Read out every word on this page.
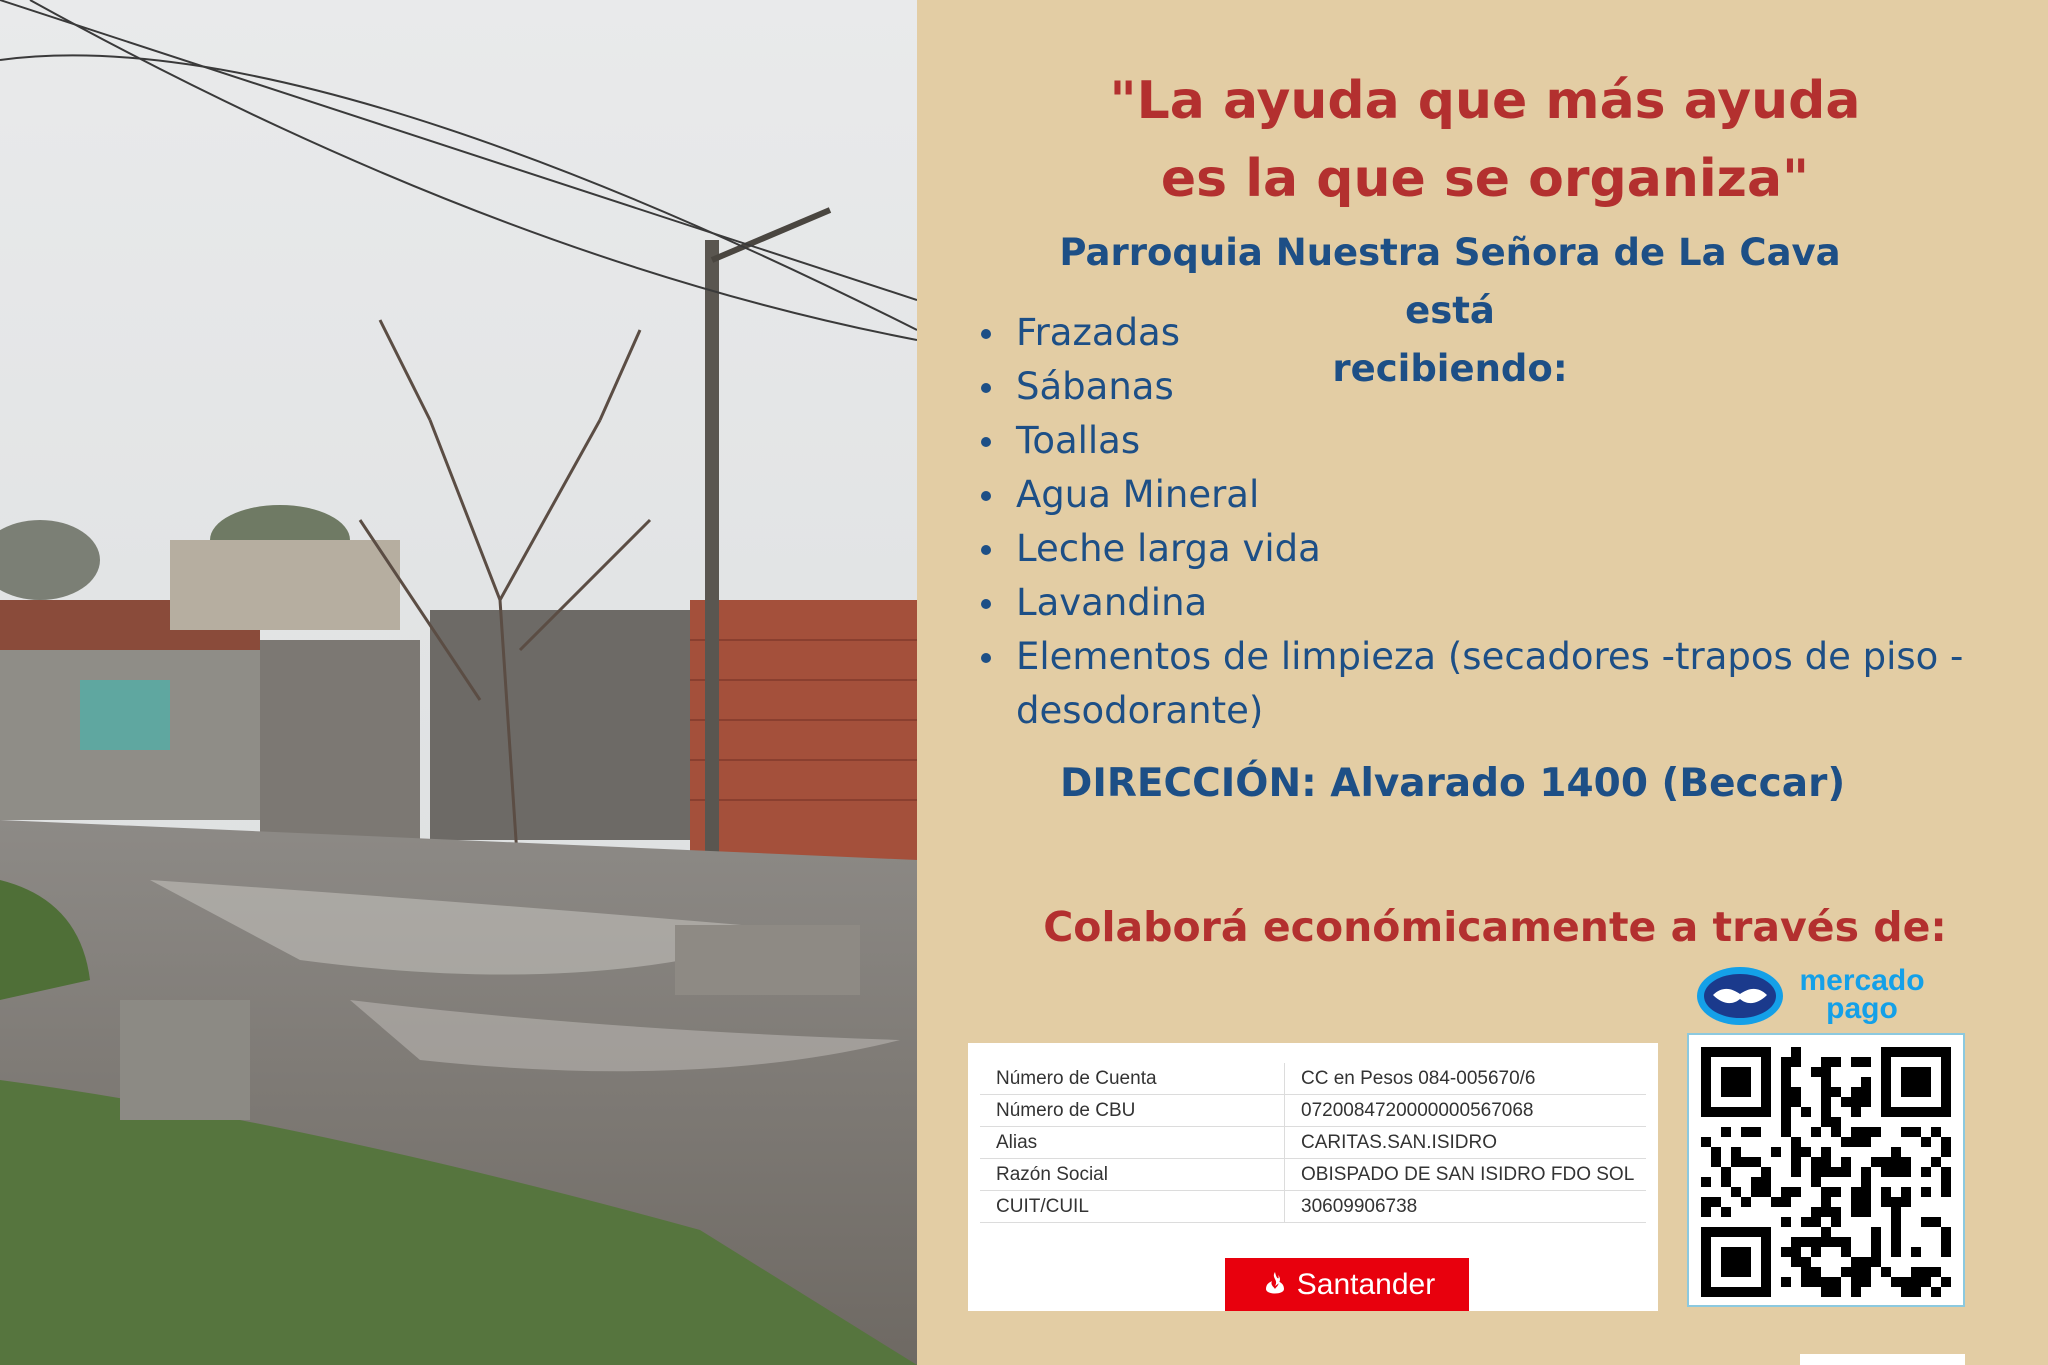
"La ayuda que más ayuda
es la que se organiza"
Parroquia Nuestra Señora de La Cava está
recibiendo:
Frazadas
Sábanas
Toallas
Agua Mineral
Leche larga vida
Lavandina
Elementos de limpieza (secadores -trapos de piso - desodorante)
DIRECCIÓN: Alvarado 1400 (Beccar)
Colaborá económicamente a través de:
Número de Cuenta	CC en Pesos 084-005670/6
Número de CBU	0720084720000000567068
Alias	CARITAS.SAN.ISIDRO
Razón Social	OBISPADO DE SAN ISIDRO FDO SOL
CUIT/CUIL	30609906738
Santander
mercado
pago
